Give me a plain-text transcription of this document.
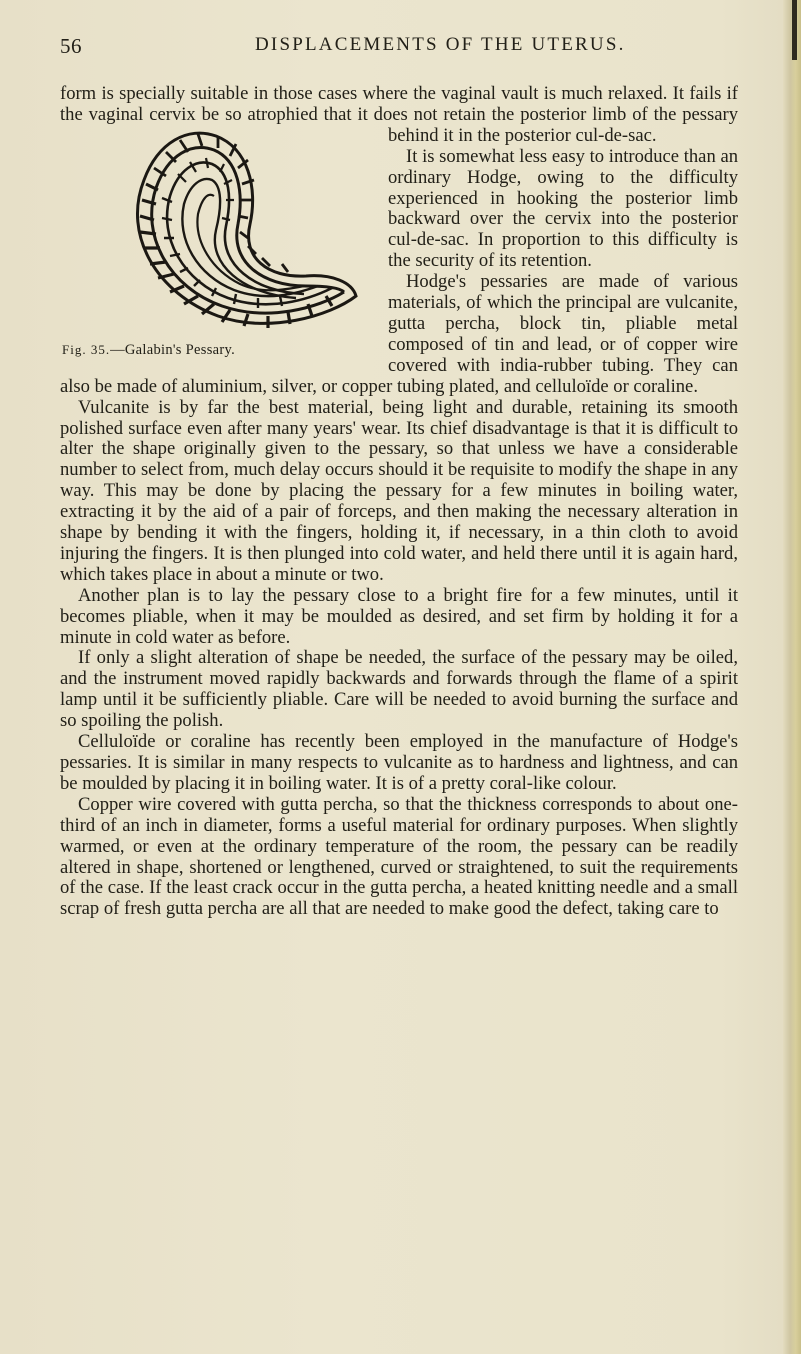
56	DISPLACEMENTS OF THE UTERUS.

Fig. 35.—Galabin's Pessary.
form is specially suitable in those cases where the vaginal vault is much relaxed. It fails if the vaginal cervix be so atrophied that it does not retain the posterior limb of the pessary behind it in the posterior cul-de-sac.

It is somewhat less easy to introduce than an ordinary Hodge, owing to the difficulty experienced in hooking the posterior limb backward over the cervix into the posterior cul-de-sac. In proportion to this difficulty is the security of its retention.

Hodge's pessaries are made of various materials, of which the principal are vulcanite, gutta percha, block tin, pliable metal composed of tin and lead, or of copper wire covered with india-rubber tubing. They can also be made of aluminium, silver, or copper tubing plated, and celluloïde or coraline.

Vulcanite is by far the best material, being light and durable, retaining its smooth polished surface even after many years' wear. Its chief disadvantage is that it is difficult to alter the shape originally given to the pessary, so that unless we have a considerable number to select from, much delay occurs should it be requisite to modify the shape in any way. This may be done by placing the pessary for a few minutes in boiling water, extracting it by the aid of a pair of forceps, and then making the necessary alteration in shape by bending it with the fingers, holding it, if necessary, in a thin cloth to avoid injuring the fingers. It is then plunged into cold water, and held there until it is again hard, which takes place in about a minute or two.

Another plan is to lay the pessary close to a bright fire for a few minutes, until it becomes pliable, when it may be moulded as desired, and set firm by holding it for a minute in cold water as before.

If only a slight alteration of shape be needed, the surface of the pessary may be oiled, and the instrument moved rapidly backwards and forwards through the flame of a spirit lamp until it be sufficiently pliable. Care will be needed to avoid burning the surface and so spoiling the polish.

Celluloïde or coraline has recently been employed in the manufacture of Hodge's pessaries. It is similar in many respects to vulcanite as to hardness and lightness, and can be moulded by placing it in boiling water. It is of a pretty coral-like colour.

Copper wire covered with gutta percha, so that the thickness corresponds to about one-third of an inch in diameter, forms a useful material for ordinary purposes. When slightly warmed, or even at the ordinary temperature of the room, the pessary can be readily altered in shape, shortened or lengthened, curved or straightened, to suit the requirements of the case. If the least crack occur in the gutta percha, a heated knitting needle and a small scrap of fresh gutta percha are all that are needed to make good the defect, taking care to
